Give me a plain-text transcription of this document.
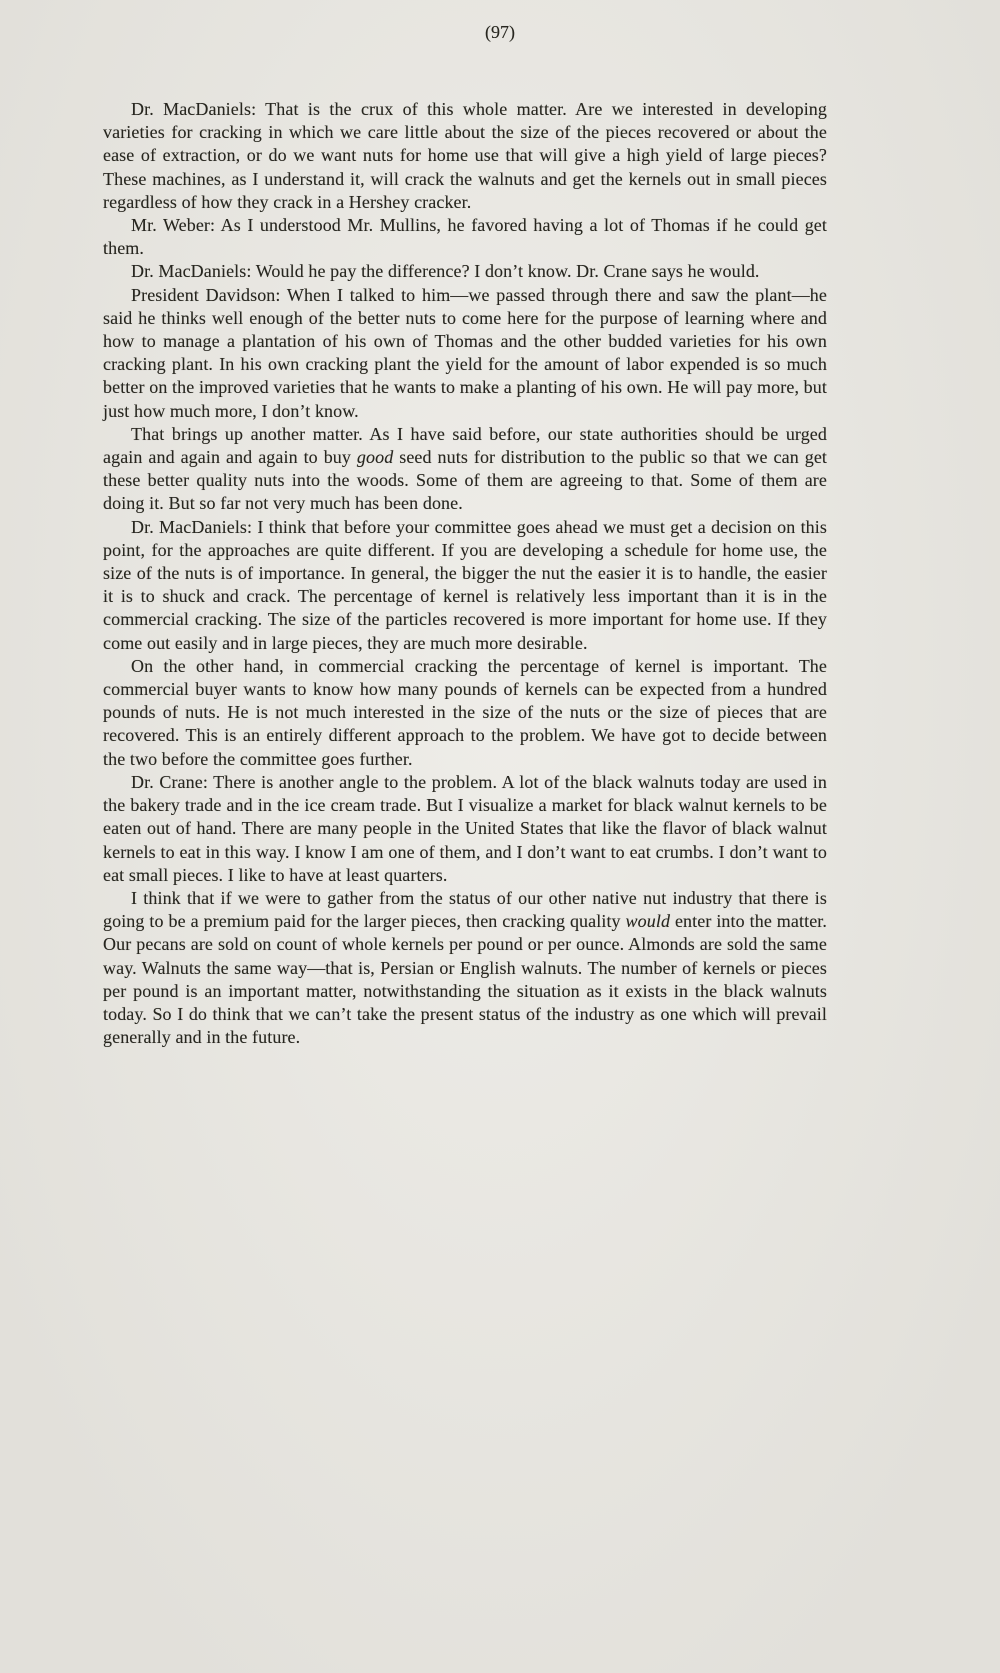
Dr. MacDaniels: That is the crux of this whole matter. Are we interested in developing varieties for cracking in which we care little about the size of the pieces recovered or about the ease of extraction, or do we want nuts for home use that will give a high yield of large pieces? These machines, as I understand it, will crack the walnuts and get the kernels out in small pieces regardless of how they crack in a Hershey cracker.

Mr. Weber: As I understood Mr. Mullins, he favored having a lot of Thomas if he could get them.

Dr. MacDaniels: Would he pay the difference? I don’t know. Dr. Crane says he would.

President Davidson: When I talked to him—we passed through there and saw the plant—he said he thinks well enough of the better nuts to come here for the purpose of learning where and how to manage a plantation of his own of Thomas and the other budded varieties for his own cracking plant. In his own cracking plant the yield for the amount of labor expended is so much better on the improved varieties that he wants to make a planting of his own. He will pay more, but just how much more, I don’t know.

That brings up another matter. As I have said before, our state authorities should be urged again and again and again to buy good seed nuts for distribution to the public so that we can get these better quality nuts into the woods. Some of them are agreeing to that. Some of them are doing it. But so far not very much has been done.

Dr. MacDaniels: I think that before your committee goes ahead we must get a decision on this point, for the approaches are quite different. If you are developing a schedule for home use, the size of the nuts is of importance. In general, the bigger the nut the easier it is to handle, the easier it is to shuck and crack. The percentage of kernel is relatively less important than it is in the commercial cracking. The size of the particles recovered is more important for home use. If they come out easily and in large pieces, they are much more desirable.

On the other hand, in commercial cracking the percentage of kernel is important. The commercial buyer wants to know how many pounds of kernels can be expected from a hundred pounds of nuts. He is not much interested in the size of the nuts or the size of pieces that are recovered. This is an entirely different approach to the problem. We have got to decide between the two before the committee goes further.

Dr. Crane: There is another angle to the problem. A lot of the black walnuts today are used in the bakery trade and in the ice cream trade. But I visualize a market for black walnut kernels to be eaten out of hand. There are many people in the United States that like the flavor of black walnut kernels to eat in this way. I know I am one of them, and I don’t want to eat crumbs. I don’t want to eat small pieces. I like to have at least quarters.

I think that if we were to gather from the status of our other native nut industry that there is going to be a premium paid for the larger pieces, then cracking quality would enter into the matter. Our pecans are sold on count of whole kernels per pound or per ounce. Almonds are sold the same way. Walnuts the same way—that is, Persian or English walnuts. The number of kernels or pieces per pound is an important matter, notwithstanding the situation as it exists in the black walnuts today. So I do think that we can’t take the present status of the industry as one which will prevail generally and in the future.

(97)
